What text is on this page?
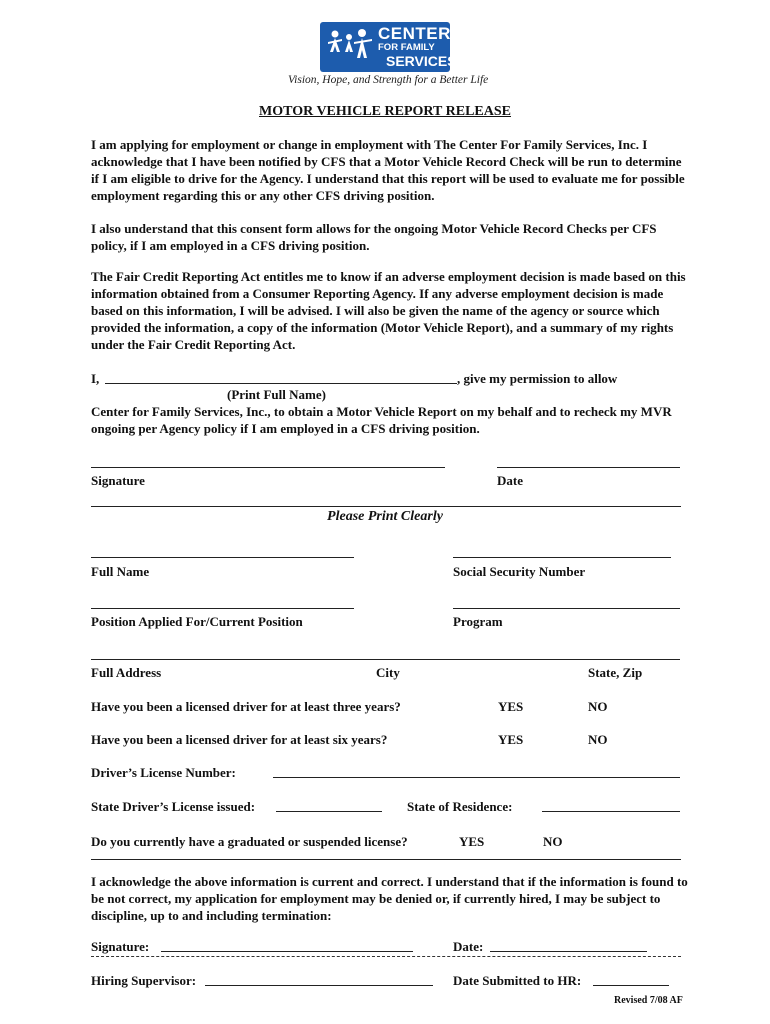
CENTER
FOR FAMILY
SERVICES
Vision, Hope, and Strength for a Better Life
MOTOR VEHICLE REPORT RELEASE
I am applying for employment or change in employment with The Center For Family Services, Inc. I acknowledge that I have been notified by CFS that a Motor Vehicle Record Check will be run to determine if I am eligible to drive for the Agency. I understand that this report will be used to evaluate me for possible employment regarding this or any other CFS driving position.
I also understand that this consent form allows for the ongoing Motor Vehicle Record Checks per CFS policy, if I am employed in a CFS driving position.
The Fair Credit Reporting Act entitles me to know if an adverse employment decision is made based on this information obtained from a Consumer Reporting Agency. If any adverse employment decision is made based on this information, I will be advised. I will also be given the name of the agency or source which provided the information, a copy of the information (Motor Vehicle Report), and a summary of my rights under the Fair Credit Reporting Act.
I,	, give my permission to allow
(Print Full Name)
Center for Family Services, Inc., to obtain a Motor Vehicle Report on my behalf and to recheck my MVR ongoing per Agency policy if I am employed in a CFS driving position.
Signature	Date
Please Print Clearly
Full Name	Social Security Number
Position Applied For/Current Position	Program
Full Address	City	State, Zip
Have you been a licensed driver for at least three years?	YES	NO
Have you been a licensed driver for at least six years?	YES	NO
Driver’s License Number:
State Driver’s License issued:	State of Residence:
Do you currently have a graduated or suspended license?	YES	NO
I acknowledge the above information is current and correct. I understand that if the information is found to be not correct, my application for employment may be denied or, if currently hired, I may be subject to discipline, up to and including termination:
Signature:	Date:
Hiring Supervisor:	Date Submitted to HR:
Revised 7/08 AF
